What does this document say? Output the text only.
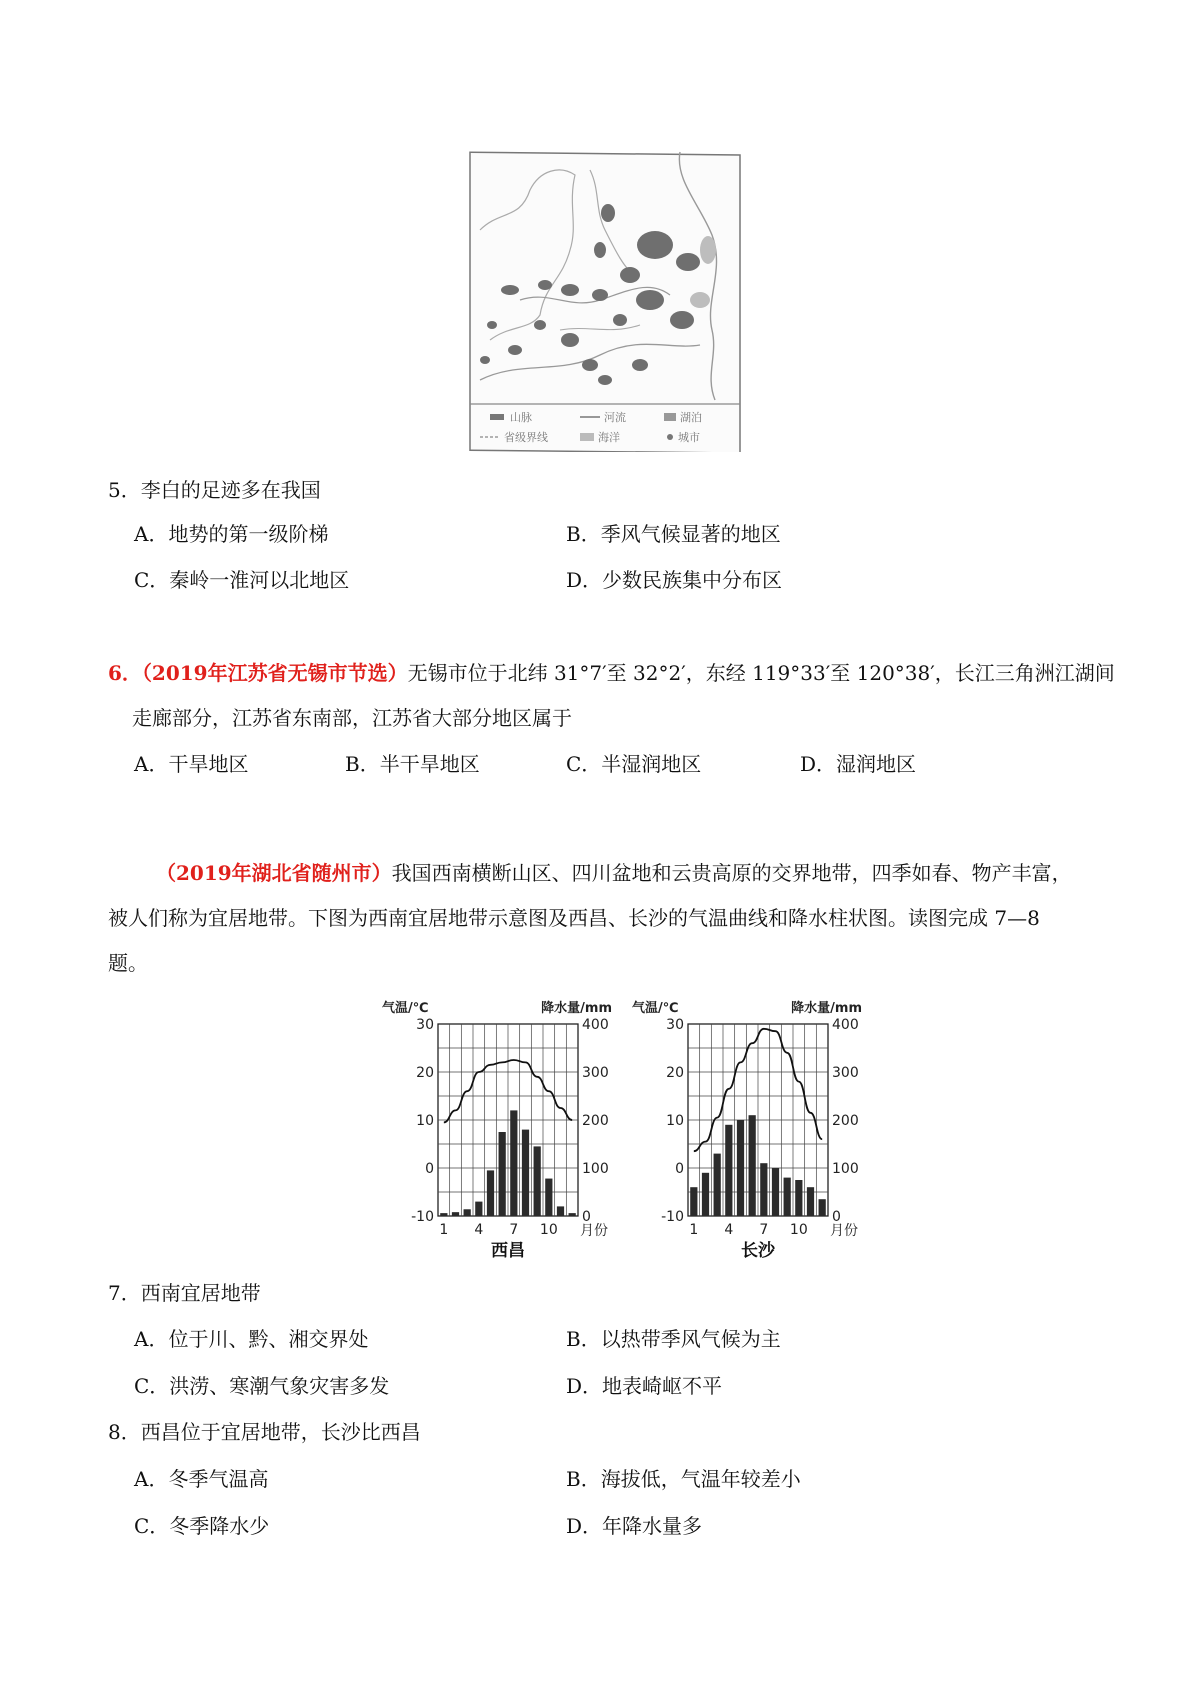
山脉	河流	湖泊
省级界线	海洋	城市
5．李白的足迹多在我国
A．地势的第一级阶梯	B．季风气候显著的地区
C．秦岭一淮河以北地区	D．少数民族集中分布区
6．（2019年江苏省无锡市节选）无锡市位于北纬 31°7′至 32°2′，东经 119°33′至 120°38′，长江三角洲江湖间
走廊部分，江苏省东南部，江苏省大部分地区属于
A．干旱地区	B．半干旱地区	C．半湿润地区	D．湿润地区
（2019年湖北省随州市）我国西南横断山区、四川盆地和云贵高原的交界地带，四季如春、物产丰富，
被人们称为宜居地带。下图为西南宜居地带示意图及西昌、长沙的气温曲线和降水柱状图。读图完成 7—8
题。
气温/℃	降水量/mm
30
20
10
0
-10
400
300
200
100
0
1 4 7 10 月份
西昌
气温/℃	降水量/mm
30
20
10
0
-10
400
300
200
100
0
1 4 7 10 月份
长沙
7．西南宜居地带
A．位于川、黔、湘交界处	B．以热带季风气候为主
C．洪涝、寒潮气象灾害多发	D．地表崎岖不平
8．西昌位于宜居地带，长沙比西昌
A．冬季气温高	B．海拔低，气温年较差小
C．冬季降水少	D．年降水量多
